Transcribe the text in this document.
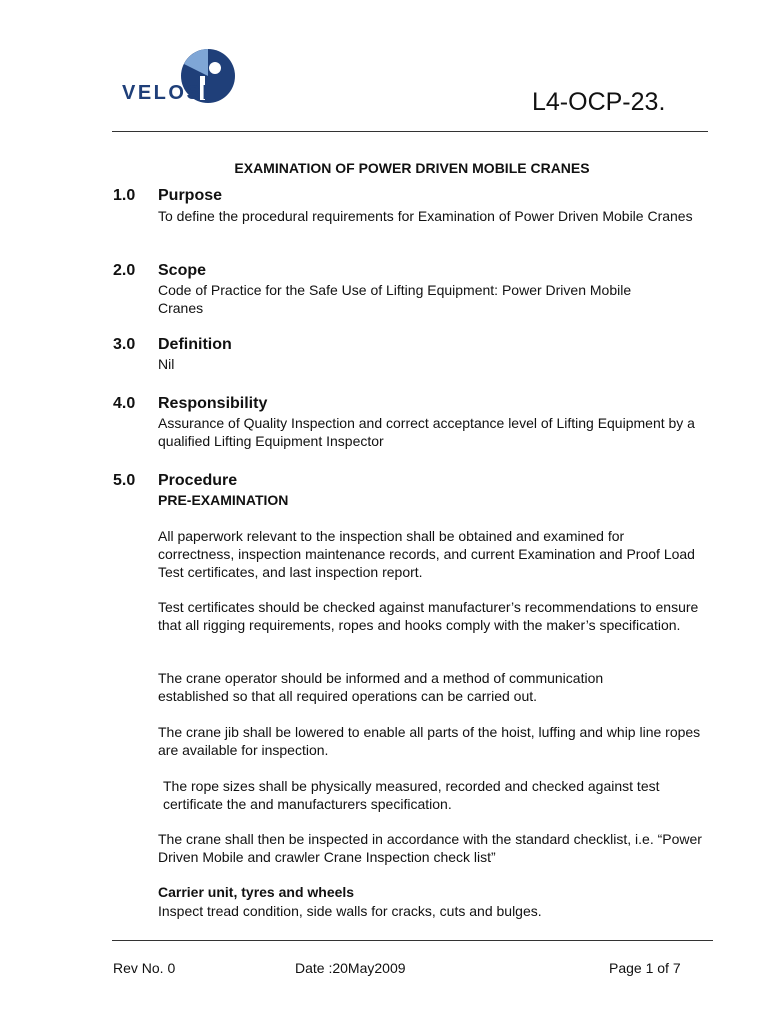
VELOSI	L4-OCP-23.
EXAMINATION OF POWER DRIVEN MOBILE CRANES
1.0 Purpose
To define the procedural requirements for Examination of Power Driven Mobile Cranes
2.0 Scope
Code of Practice for the Safe Use of Lifting Equipment: Power Driven Mobile Cranes
3.0 Definition
Nil
4.0 Responsibility
Assurance of Quality Inspection and correct acceptance level of Lifting Equipment by a qualified Lifting Equipment Inspector
5.0 Procedure
PRE-EXAMINATION
All paperwork relevant to the inspection shall be obtained and examined for correctness, inspection maintenance records, and current Examination and Proof Load Test certificates, and last inspection report.
Test certificates should be checked against manufacturer’s recommendations to ensure that all rigging requirements, ropes and hooks comply with the maker’s specification.
The crane operator should be informed and a method of communication established so that all required operations can be carried out.
The crane jib shall be lowered to enable all parts of the hoist, luffing and whip line ropes are available for inspection.
The rope sizes shall be physically measured, recorded and checked against test certificate the and manufacturers specification.
The crane shall then be inspected in accordance with the standard checklist, i.e. “Power Driven Mobile and crawler Crane Inspection check list”
Carrier unit, tyres and wheels
Inspect tread condition, side walls for cracks, cuts and bulges.
Rev No. 0	Date :20May2009	Page 1 of 7
